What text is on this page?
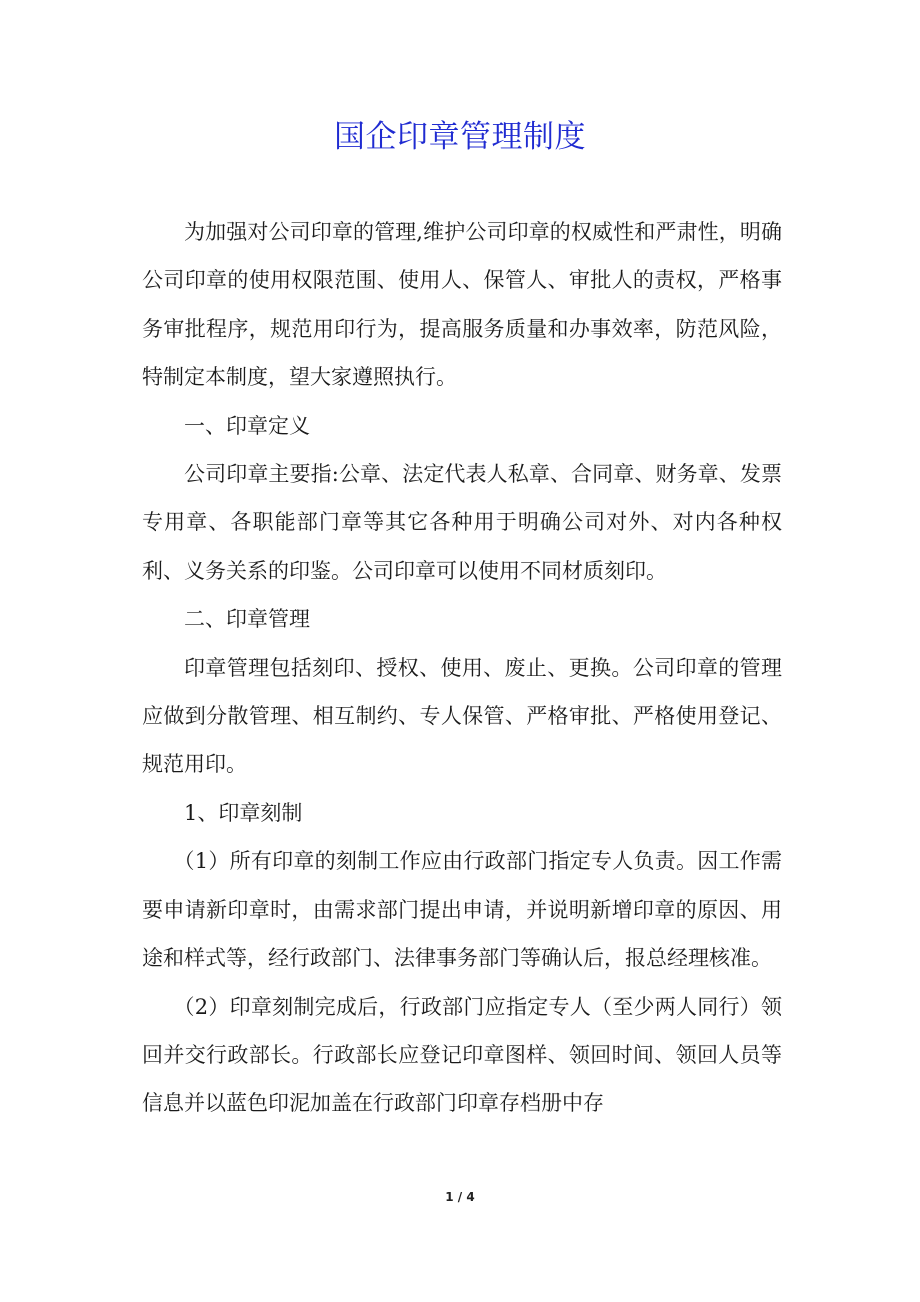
国企印章管理制度

为加强对公司印章的管理,维护公司印章的权威性和严肃性，明确公司印章的使用权限范围、使用人、保管人、审批人的责权，严格事务审批程序，规范用印行为，提高服务质量和办事效率，防范风险，特制定本制度，望大家遵照执行。

一、印章定义

公司印章主要指:公章、法定代表人私章、合同章、财务章、发票专用章、各职能部门章等其它各种用于明确公司对外、对内各种权利、义务关系的印鉴。公司印章可以使用不同材质刻印。

二、印章管理

印章管理包括刻印、授权、使用、废止、更换。公司印章的管理应做到分散管理、相互制约、专人保管、严格审批、严格使用登记、规范用印。

1、印章刻制

（1）所有印章的刻制工作应由行政部门指定专人负责。因工作需要申请新印章时，由需求部门提出申请，并说明新增印章的原因、用途和样式等，经行政部门、法律事务部门等确认后，报总经理核准。

（2）印章刻制完成后，行政部门应指定专人（至少两人同行）领回并交行政部长。行政部长应登记印章图样、领回时间、领回人员等信息并以蓝色印泥加盖在行政部门印章存档册中存

1 / 4
